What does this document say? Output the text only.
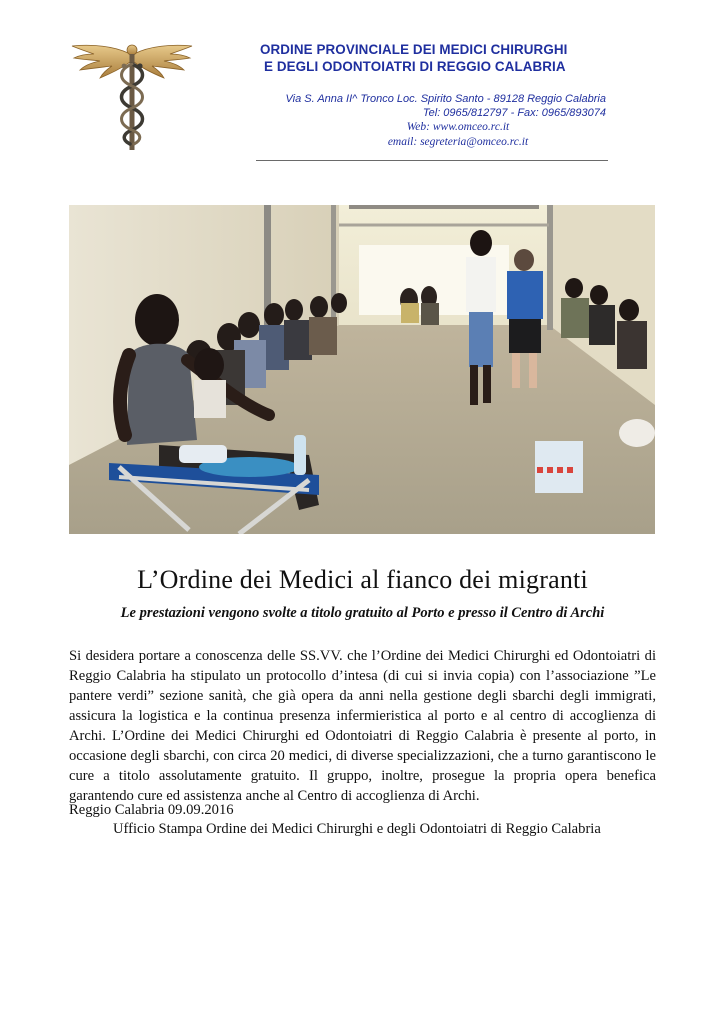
ORDINE PROVINCIALE DEI MEDICI CHIRURGHI
E DEGLI ODONTOIATRI DI REGGIO CALABRIA
Via S. Anna II^ Tronco Loc. Spirito Santo - 89128 Reggio Calabria
Tel: 0965/812797 - Fax: 0965/893074
Web: www.omceo.rc.it
email: segreteria@omceo.rc.it
L’Ordine dei Medici al fianco dei migranti
Le prestazioni vengono svolte a titolo gratuito al Porto e presso il Centro di Archi
Si desidera portare a conoscenza delle SS.VV. che l’Ordine dei Medici Chirurghi ed Odontoiatri di Reggio Calabria ha stipulato un protocollo d’intesa (di cui si invia copia) con l’associazione ”Le pantere verdi” sezione sanità, che già opera da anni nella gestione degli sbarchi degli immigrati, assicura la logistica e la continua presenza infermieristica al porto e al centro di accoglienza di Archi. L’Ordine dei Medici Chirurghi ed Odontoiatri di Reggio Calabria è presente al porto, in occasione degli sbarchi, con circa 20 medici, di diverse specializzazioni, che a turno garantiscono le cure a titolo assolutamente gratuito. Il gruppo, inoltre, prosegue la propria opera benefica garantendo cure ed assistenza anche al Centro di accoglienza di Archi.
Reggio Calabria 09.09.2016
Ufficio Stampa Ordine dei Medici Chirurghi e degli Odontoiatri di Reggio Calabria
